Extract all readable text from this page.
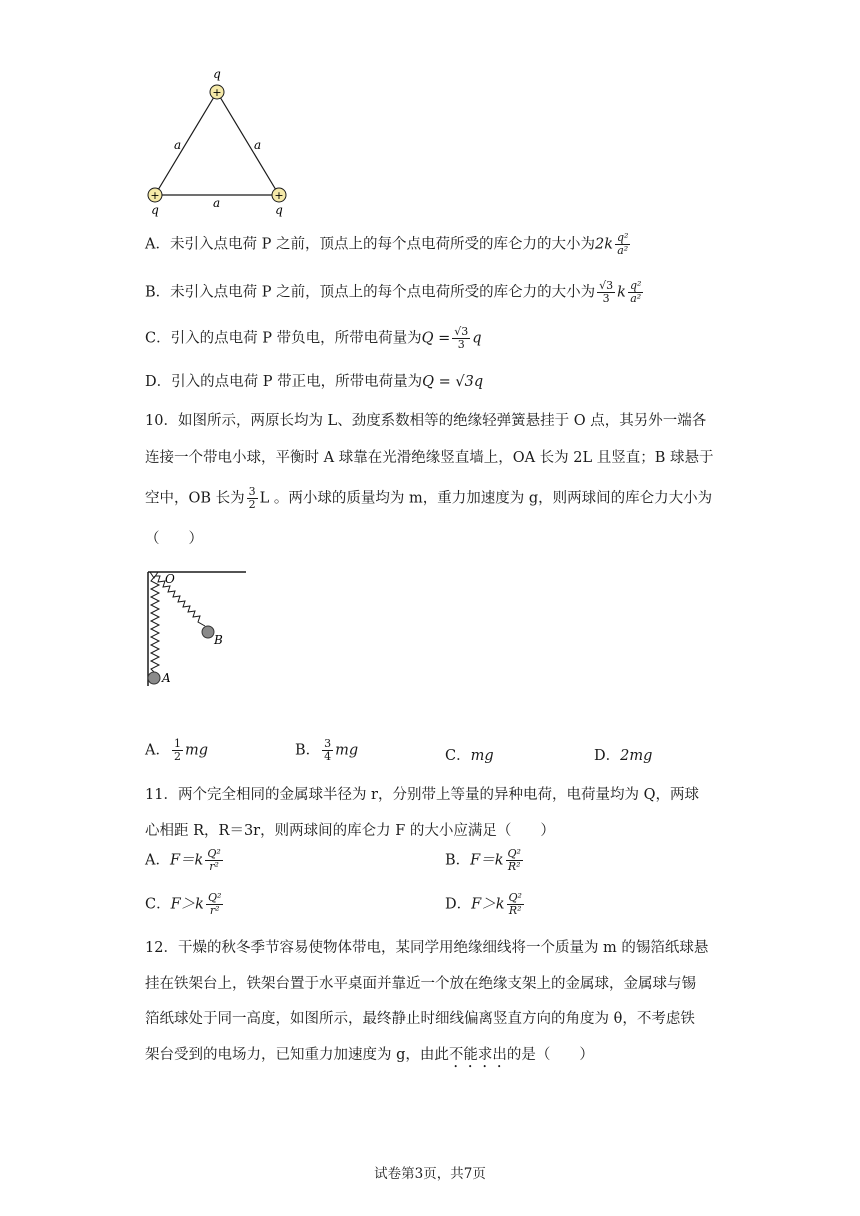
+
+	+
q
q	q
a	a
a
A．未引入点电荷 P 之前，顶点上的每个点电荷所受的库仑力的大小为$2k \frac{\text{q²}}{\text{a²}}$
B．未引入点电荷 P 之前，顶点上的每个点电荷所受的库仑力的大小为 $\frac{√3}{3}$ k $\frac{\text{q²}}{\text{a²}}$
C．引入的点电荷 P 带负电，所带电荷量为$Q = \frac{√3}{3}$ q
D．引入的点电荷 P 带正电，所带电荷量为Q = √3q
10．如图所示，两原长均为 L、劲度系数相等的绝缘轻弹簧悬挂于 O 点，其另外一端各
连接一个带电小球，平衡时 A 球靠在光滑绝缘竖直墙上，OA 长为 2L 且竖直；B 球悬于
空中，OB 长为 $\frac{3}{2}$ L 。两小球的质量均为 m，重力加速度为 g，则两球间的库仑力大小为
（　　）
O
A
B
A． $\frac{1}{2}$ mg	B． $\frac{3}{4}$ mg	C．mg	D．2mg
11．两个完全相同的金属球半径为 r，分别带上等量的异种电荷，电荷量均为 Q，两球
心相距 R，R＝3r，则两球间的库仑力 F 的大小应满足（　　）
A．$F=k \frac{\text{Q²}}{\text{r²}}$	B．$F=k \frac{\text{Q²}}{\text{R²}}$
C．$F>k \frac{\text{Q²}}{\text{r²}}$	D．$F>k \frac{\text{Q²}}{\text{R²}}$
12．干燥的秋冬季节容易使物体带电，某同学用绝缘细线将一个质量为 m 的锡箔纸球悬
挂在铁架台上，铁架台置于水平桌面并靠近一个放在绝缘支架上的金属球，金属球与锡
箔纸球处于同一高度，如图所示，最终静止时细线偏离竖直方向的角度为 θ，不考虑铁
架台受到的电场力，已知重力加速度为 g，由此不能求出的是（　　）
试卷第3页，共7页
